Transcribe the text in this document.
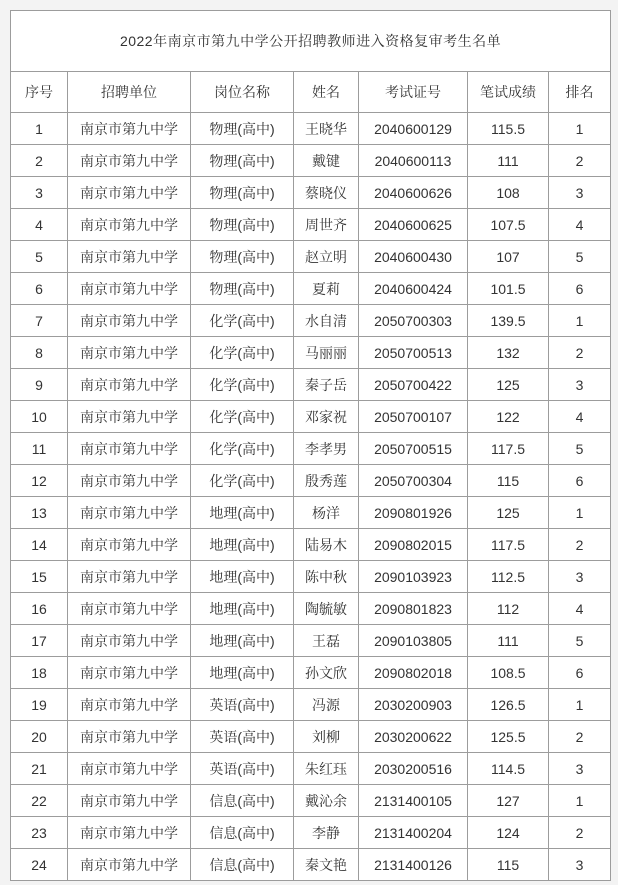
2022年南京市第九中学公开招聘教师进入资格复审考生名单						
序号	招聘单位	岗位名称	姓名	考试证号	笔试成绩	排名
1	南京市第九中学	物理(高中)	王晓华	2040600129	115.5	1
2	南京市第九中学	物理(高中)	戴键	2040600113	111	2
3	南京市第九中学	物理(高中)	蔡晓仪	2040600626	108	3
4	南京市第九中学	物理(高中)	周世齐	2040600625	107.5	4
5	南京市第九中学	物理(高中)	赵立明	2040600430	107	5
6	南京市第九中学	物理(高中)	夏莉	2040600424	101.5	6
7	南京市第九中学	化学(高中)	水自清	2050700303	139.5	1
8	南京市第九中学	化学(高中)	马丽丽	2050700513	132	2
9	南京市第九中学	化学(高中)	秦子岳	2050700422	125	3
10	南京市第九中学	化学(高中)	邓家祝	2050700107	122	4
11	南京市第九中学	化学(高中)	李孝男	2050700515	117.5	5
12	南京市第九中学	化学(高中)	殷秀莲	2050700304	115	6
13	南京市第九中学	地理(高中)	杨洋	2090801926	125	1
14	南京市第九中学	地理(高中)	陆易木	2090802015	117.5	2
15	南京市第九中学	地理(高中)	陈中秋	2090103923	112.5	3
16	南京市第九中学	地理(高中)	陶毓敏	2090801823	112	4
17	南京市第九中学	地理(高中)	王磊	2090103805	111	5
18	南京市第九中学	地理(高中)	孙文欣	2090802018	108.5	6
19	南京市第九中学	英语(高中)	冯源	2030200903	126.5	1
20	南京市第九中学	英语(高中)	刘柳	2030200622	125.5	2
21	南京市第九中学	英语(高中)	朱红珏	2030200516	114.5	3
22	南京市第九中学	信息(高中)	戴沁余	2131400105	127	1
23	南京市第九中学	信息(高中)	李静	2131400204	124	2
24	南京市第九中学	信息(高中)	秦文艳	2131400126	115	3
